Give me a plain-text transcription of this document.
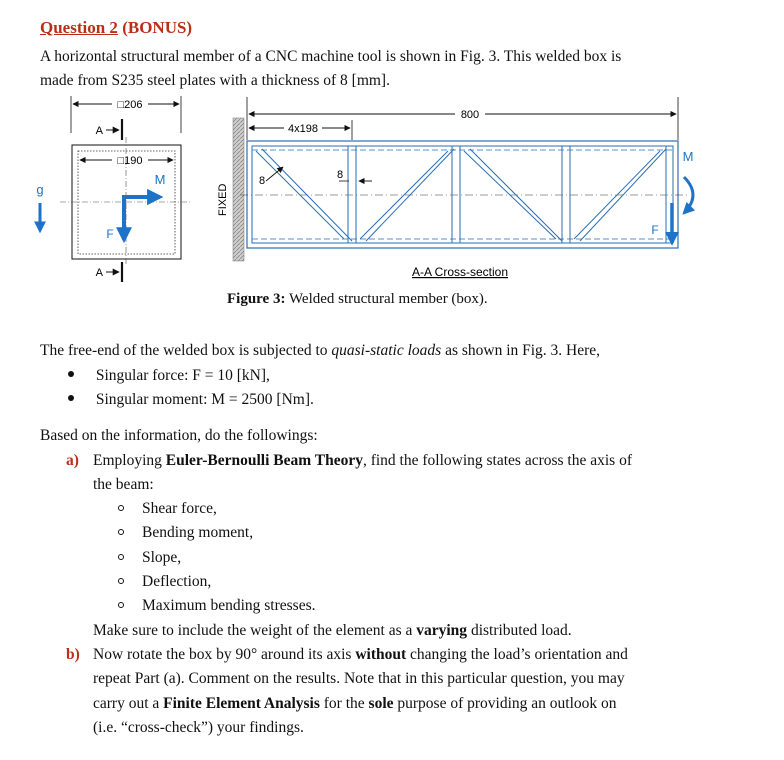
Question 2 (BONUS)
A horizontal structural member of a CNC machine tool is shown in Fig. 3. This welded box is
made from S235 steel plates with a thickness of 8 [mm].
□206
A
□190
g
M
F
A
FIXED
800
4x198
8	8
M
F
A-A Cross-section
Figure 3: Welded structural member (box).
The free-end of the welded box is subjected to quasi-static loads as shown in Fig. 3. Here,
Singular force: F = 10 [kN],
Singular moment: M = 2500 [Nm].
Based on the information, do the followings:
a) Employing Euler-Bernoulli Beam Theory, find the following states across the axis of
the beam:
Shear force,
Bending moment,
Slope,
Deflection,
Maximum bending stresses.
Make sure to include the weight of the element as a varying distributed load.
b) Now rotate the box by 90° around its axis without changing the load’s orientation and
repeat Part (a). Comment on the results. Note that in this particular question, you may
carry out a Finite Element Analysis for the sole purpose of providing an outlook on
(i.e. “cross-check”) your findings.
